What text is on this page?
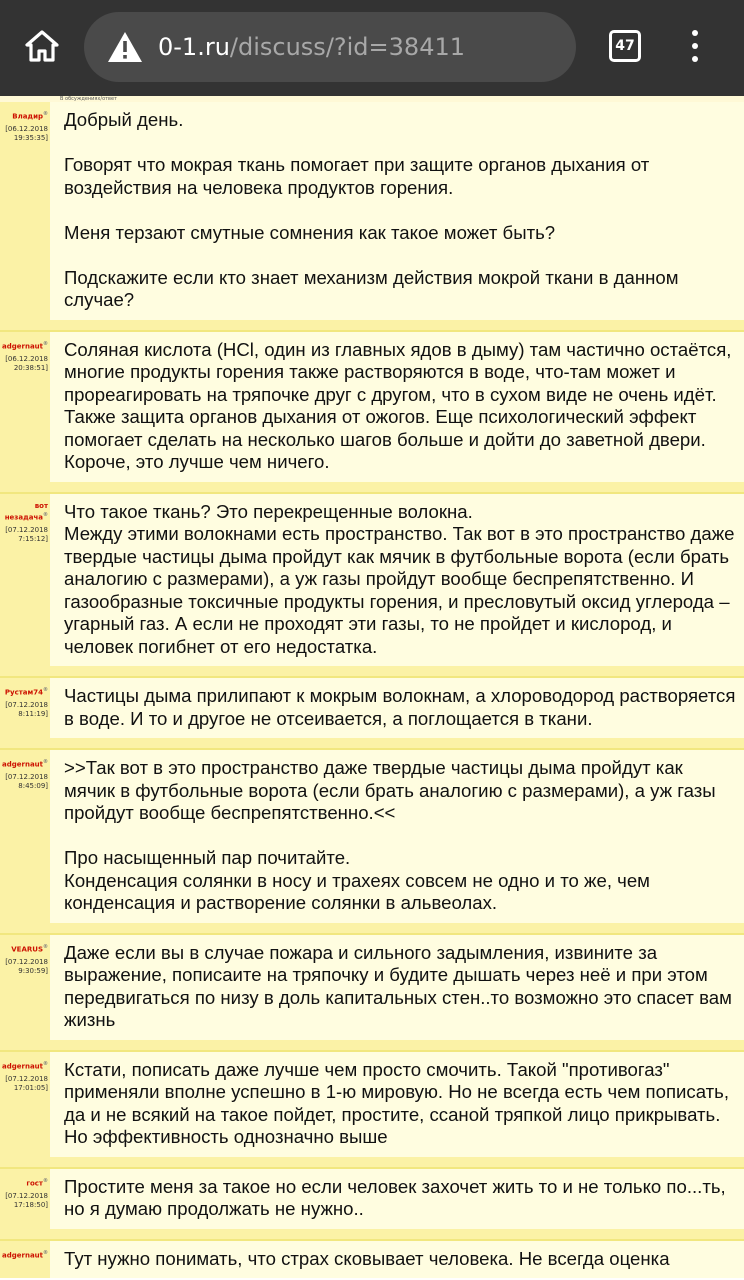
0-1.ru/discuss/?id=38411	47
В обсуждениях/ответ
Владир®
[06.12.2018
19:35:35]

Добрый день.

Говорят что мокрая ткань помогает при защите органов дыхания от воздействия на человека продуктов горения.

Меня терзают смутные сомнения как такое может быть?

Подскажите если кто знает механизм действия мокрой ткани в данном случае?

adgernaut®
[06.12.2018
20:38:51]

Соляная кислота (HCl, один из главных ядов в дыму) там частично остаётся, многие продукты горения также растворяются в воде, что-там может и прореагировать на тряпочке друг с другом, что в сухом виде не очень идёт.

Также защита органов дыхания от ожогов. Еще психологический эффект помогает сделать на несколько шагов больше и дойти до заветной двери. Короче, это лучше чем ничего.

вот незадача®
[07.12.2018
7:15:12]

Что такое ткань? Это перекрещенные волокна.

Между этими волокнами есть пространство. Так вот в это пространство даже твердые частицы дыма пройдут как мячик в футбольные ворота (если брать аналогию с размерами), а уж газы пройдут вообще беспрепятственно. И газообразные токсичные продукты горения, и пресловутый оксид углерода – угарный газ. А если не проходят эти газы, то не пройдет и кислород, и человек погибнет от его недостатка.

Рустам74®
[07.12.2018
8:11:19]

Частицы дыма прилипают к мокрым волокнам, а хлороводород растворяется в воде. И то и другое не отсеивается, а поглощается в ткани.

adgernaut®
[07.12.2018
8:45:09]

>>Так вот в это пространство даже твердые частицы дыма пройдут как мячик в футбольные ворота (если брать аналогию с размерами), а уж газы пройдут вообще беспрепятственно.<<

Про насыщенный пар почитайте.

Конденсация солянки в носу и трахеях совсем не одно и то же, чем конденсация и растворение солянки в альвеолах.

VEARUS®
[07.12.2018
9:30:59]

Даже если вы в случае пожара и сильного задымления, извините за выражение, пописаите на тряпочку и будите дышать через неё и при этом передвигаться по низу в доль капитальных стен..то возможно это спасет вам жизнь

adgernaut®
[07.12.2018
17:01:05]

Кстати, пописать даже лучше чем просто смочить. Такой "противогаз" применяли вполне успешно в 1-ю мировую. Но не всегда есть чем пописать, да и не всякий на такое пойдет, простите, ссаной тряпкой лицо прикрывать. Но эффективность однозначно выше

гост®
[07.12.2018
17:18:50]

Простите меня за такое но если человек захочет жить то и не только по...ть, но я думаю продолжать не нужно..

adgernaut® Тут нужно понимать, что страх сковывает человека. Не всегда оценка
